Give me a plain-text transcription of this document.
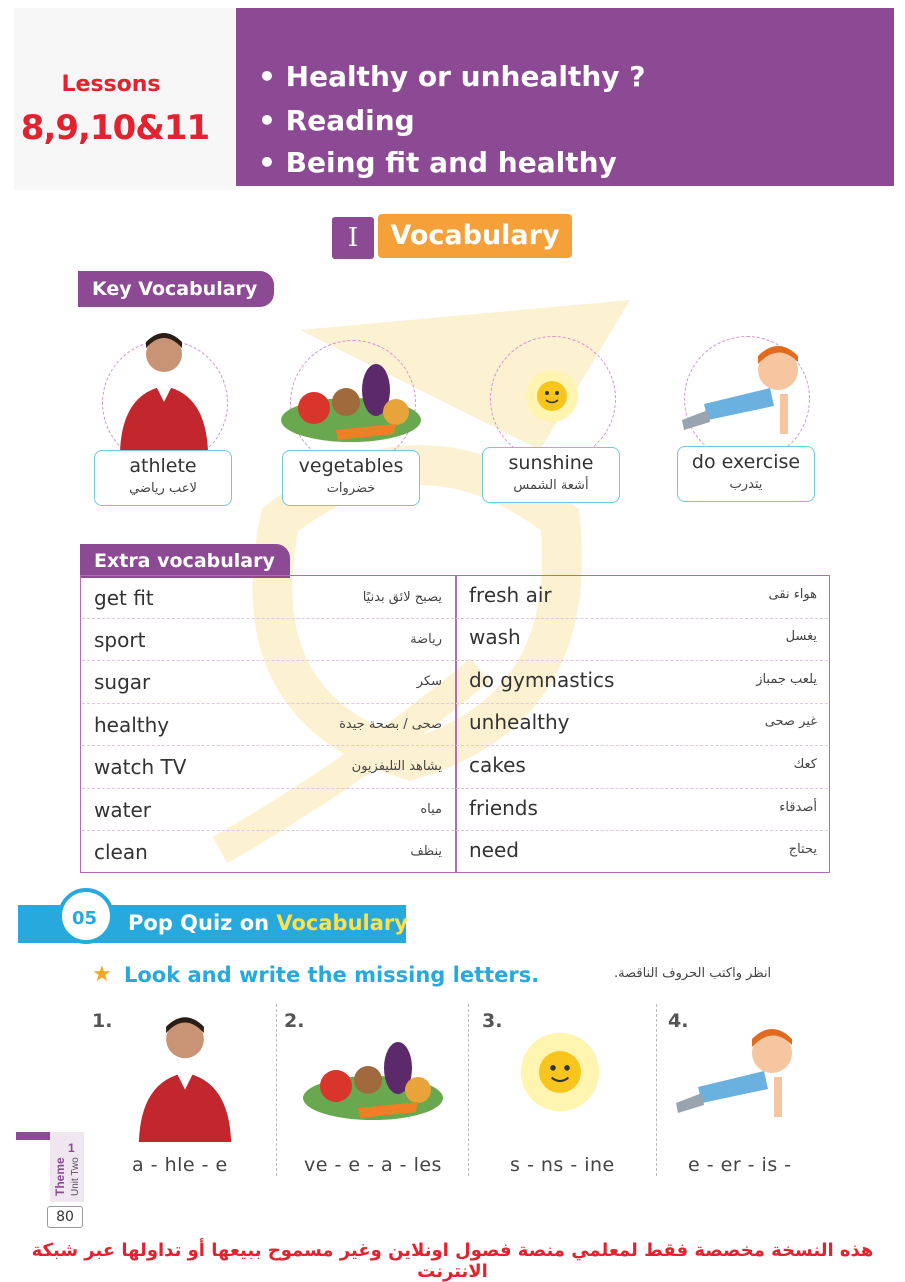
Lessons
8,9,10&11
• Healthy or unhealthy ?
• Reading
• Being fit and healthy
I	Vocabulary
Key Vocabulary
athlete
لاعب رياضي
vegetables
خضروات
sunshine
أشعة الشمس
do exercise
يتدرب
Extra vocabulary
get fit	يصبح لائق بدنيًا
sport	رياضة
sugar	سكر
healthy	صحى / بصحة جيدة
watch TV	يشاهد التليفزيون
water	مياه
clean	ينظف
fresh air	هواء نقى
wash	يغسل
do gymnastics	يلعب جمباز
unhealthy	غير صحى
cakes	كعك
friends	أصدقاء
need	يحتاج
05 Pop Quiz on Vocabulary
★ Look and write the missing letters.	انظر واكتب الحروف الناقصة.
1.	2.	3.	4.
a - hle - e	ve - e - a - les	s - ns - ine	e - er - is -
Theme Unit Two
1
80
هذه النسخة مخصصة فقط لمعلمي منصة فصول اونلاين وغير مسموح ببيعها أو تداولها عبر شبكة الانترنت
